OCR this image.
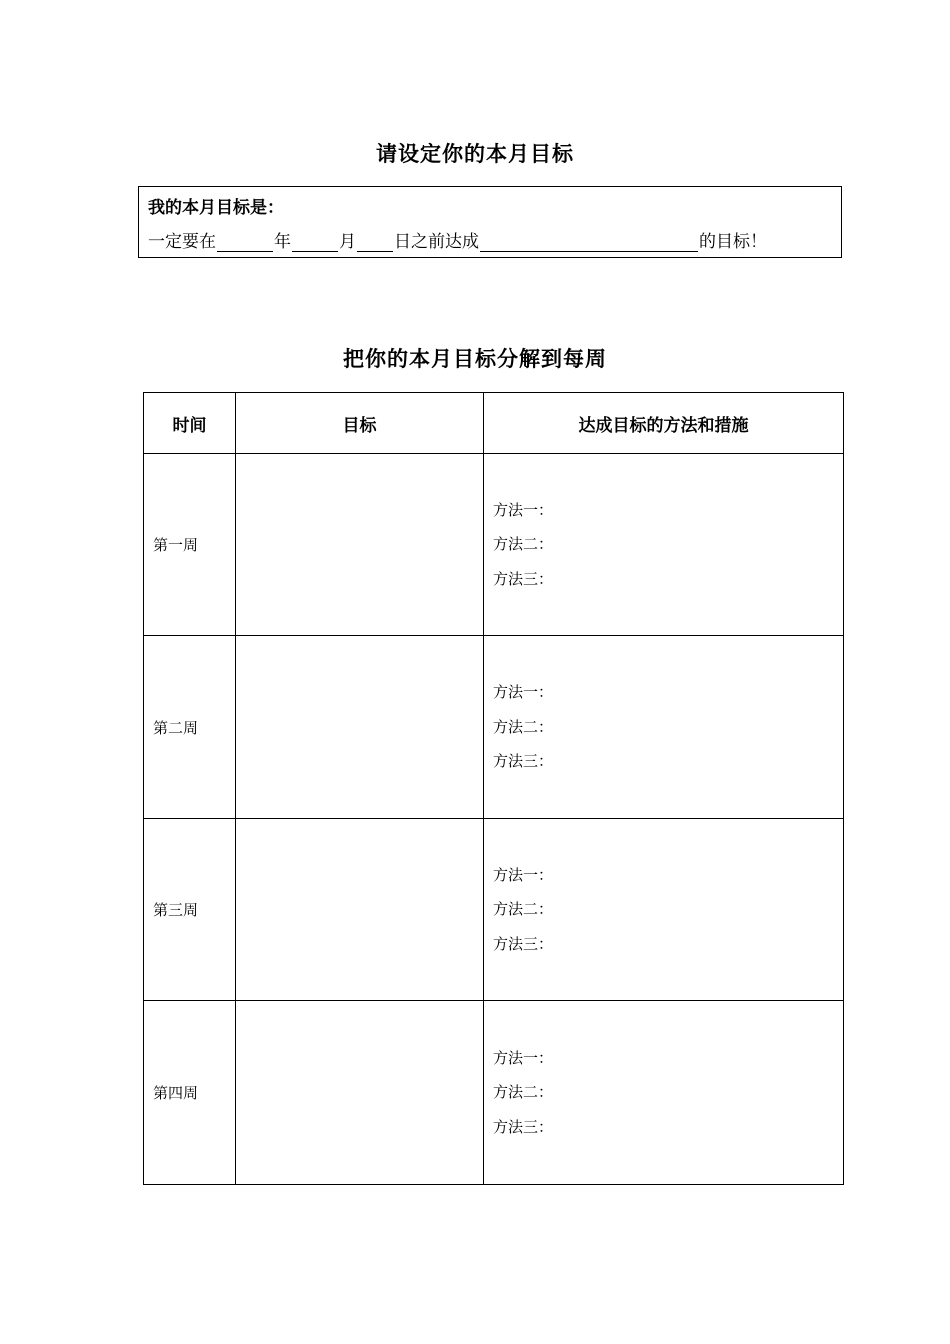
请设定你的本月目标
我的本月目标是：
一定要在	年	月 日之前达成	的目标！
把你的本月目标分解到每周
时间	目标	达成目标的方法和措施
第一周		方法一：
方法二：
方法三：

第二周		方法一：
方法二：
方法三：

第三周		方法一：
方法二：
方法三：

第四周		方法一：
方法二：
方法三：
